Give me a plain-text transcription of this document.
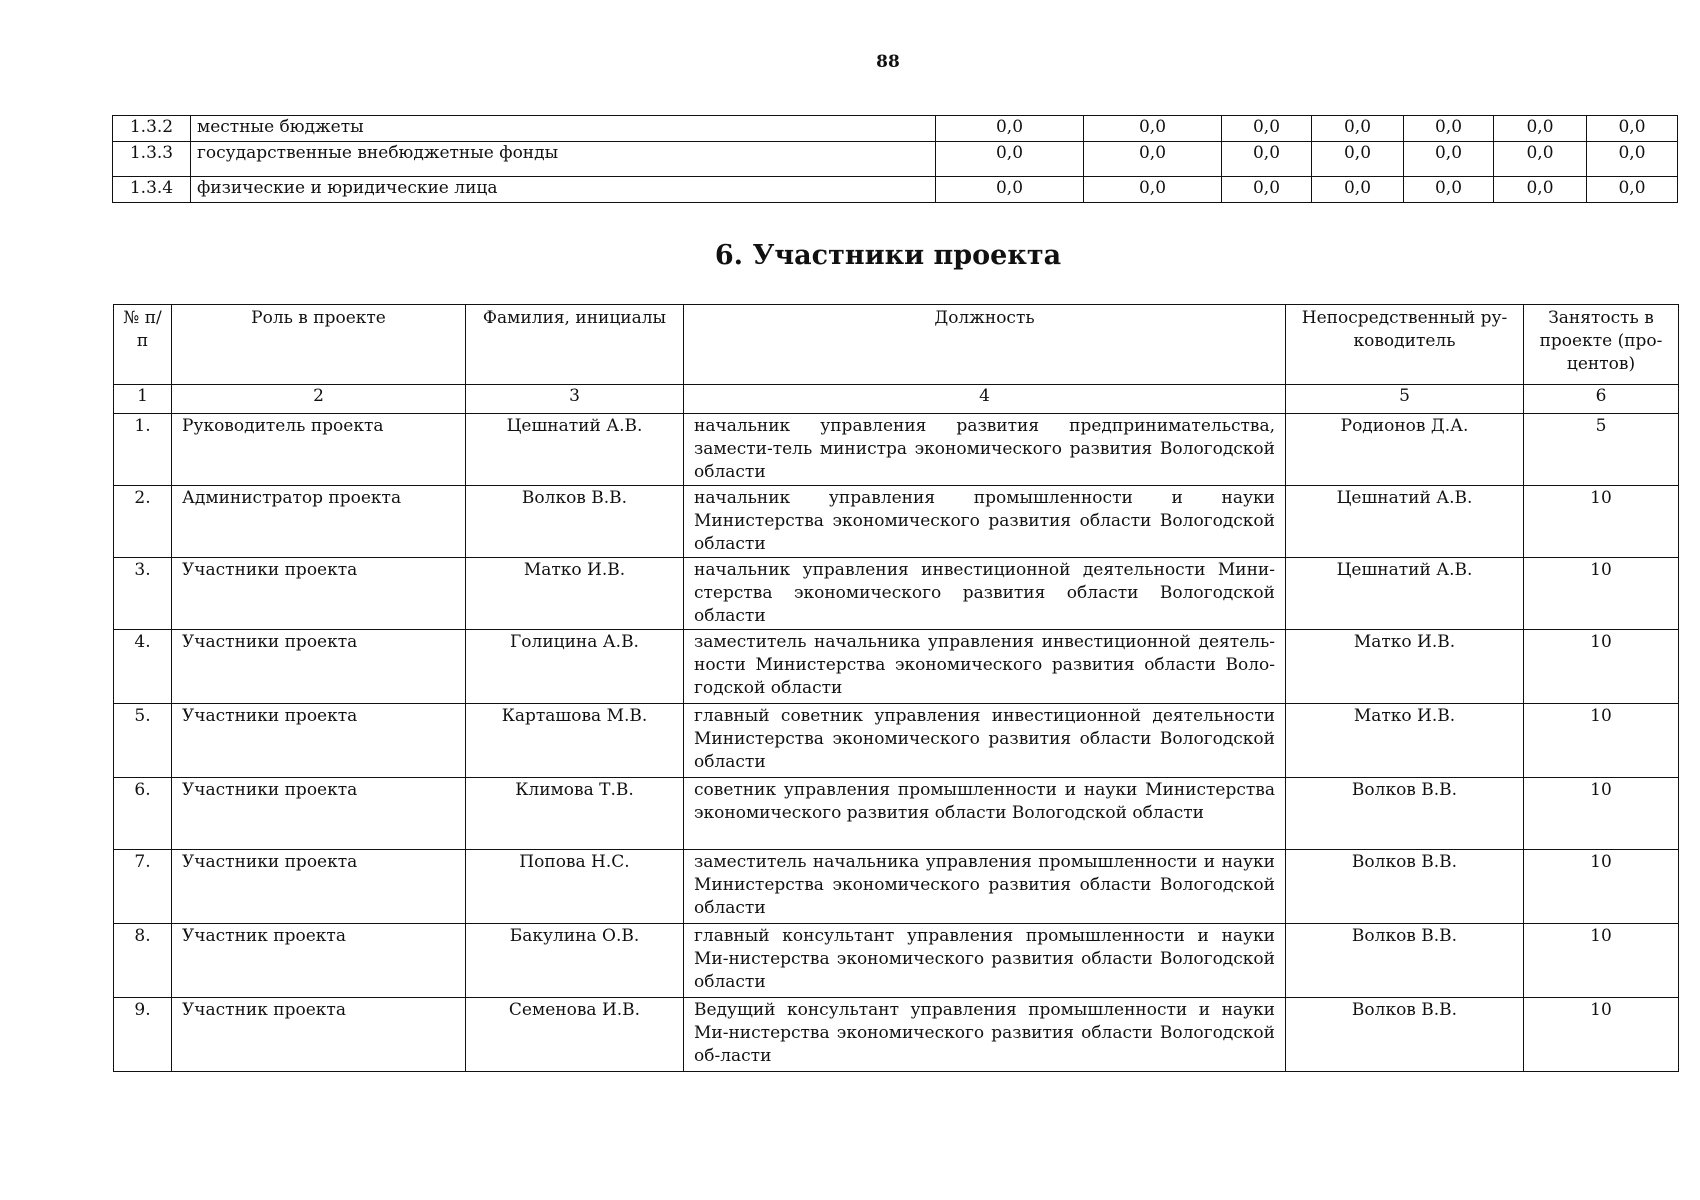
88
1.3.2	местные бюджеты	0,0	0,0	0,0	0,0	0,0	0,0	0,0
1.3.3	государственные внебюджетные фонды	0,0	0,0	0,0	0,0	0,0	0,0	0,0
1.3.4	физические и юридические лица	0,0	0,0	0,0	0,0	0,0	0,0	0,0
6. Участники проекта
№ п/п	Роль в проекте	Фамилия, инициалы	Должность	Непосредственный ру-ководитель	Занятость в проекте (про-центов)
1	2	3	4	5	6
1.	Руководитель проекта	Цешнатий А.В.	начальник управления развития предпринимательства, замести-тель министра экономического развития Вологодской области	Родионов Д.А.	5
2.	Администратор проекта	Волков В.В.	начальник управления промышленности и науки Министерства экономического развития области Вологодской области	Цешнатий А.В.	10
3.	Участники проекта	Матко И.В.	начальник управления инвестиционной деятельности Мини-стерства экономического развития области Вологодской области	Цешнатий А.В.	10
4.	Участники проекта	Голицина А.В.	заместитель начальника управления инвестиционной деятель-ности Министерства экономического развития области Воло-годской области	Матко И.В.	10
5.	Участники проекта	Карташова М.В.	главный советник управления инвестиционной деятельности Министерства экономического развития области Вологодской области	Матко И.В.	10
6.	Участники проекта	Климова Т.В.	советник управления промышленности и науки Министерства экономического развития области Вологодской области	Волков В.В.	10
7.	Участники проекта	Попова Н.С.	заместитель начальника управления промышленности и науки Министерства экономического развития области Вологодской области	Волков В.В.	10
8.	Участник проекта	Бакулина О.В.	главный консультант управления промышленности и науки Ми-нистерства экономического развития области Вологодской области	Волков В.В.	10
9.	Участник проекта	Семенова И.В.	Ведущий консультант управления промышленности и науки Ми-нистерства экономического развития области Вологодской об-ласти	Волков В.В.	10
